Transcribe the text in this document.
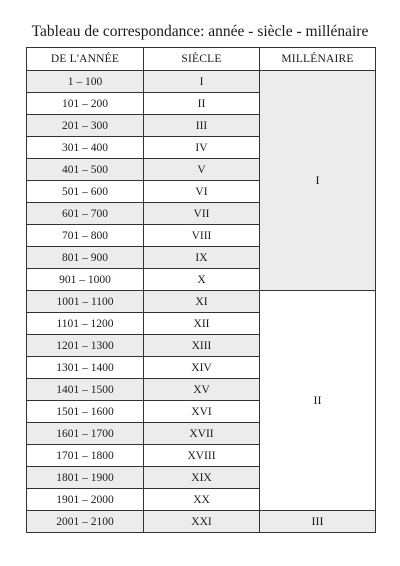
Tableau de correspondance: année - siècle - millénaire
DE L'ANNÉE	SIÈCLE	MILLÉNAIRE
1 – 100	I	I
101 – 200	II	
201 – 300	III	
301 – 400	IV	
401 – 500	V	
501 – 600	VI	
601 – 700	VII	
701 – 800	VIII	
801 – 900	IX	
901 – 1000	X	
1001 – 1100	XI	II
1101 – 1200	XII	
1201 – 1300	XIII	
1301 – 1400	XIV	
1401 – 1500	XV	
1501 – 1600	XVI	
1601 – 1700	XVII	
1701 – 1800	XVIII	
1801 – 1900	XIX	
1901 – 2000	XX	
2001 – 2100	XXI	III
